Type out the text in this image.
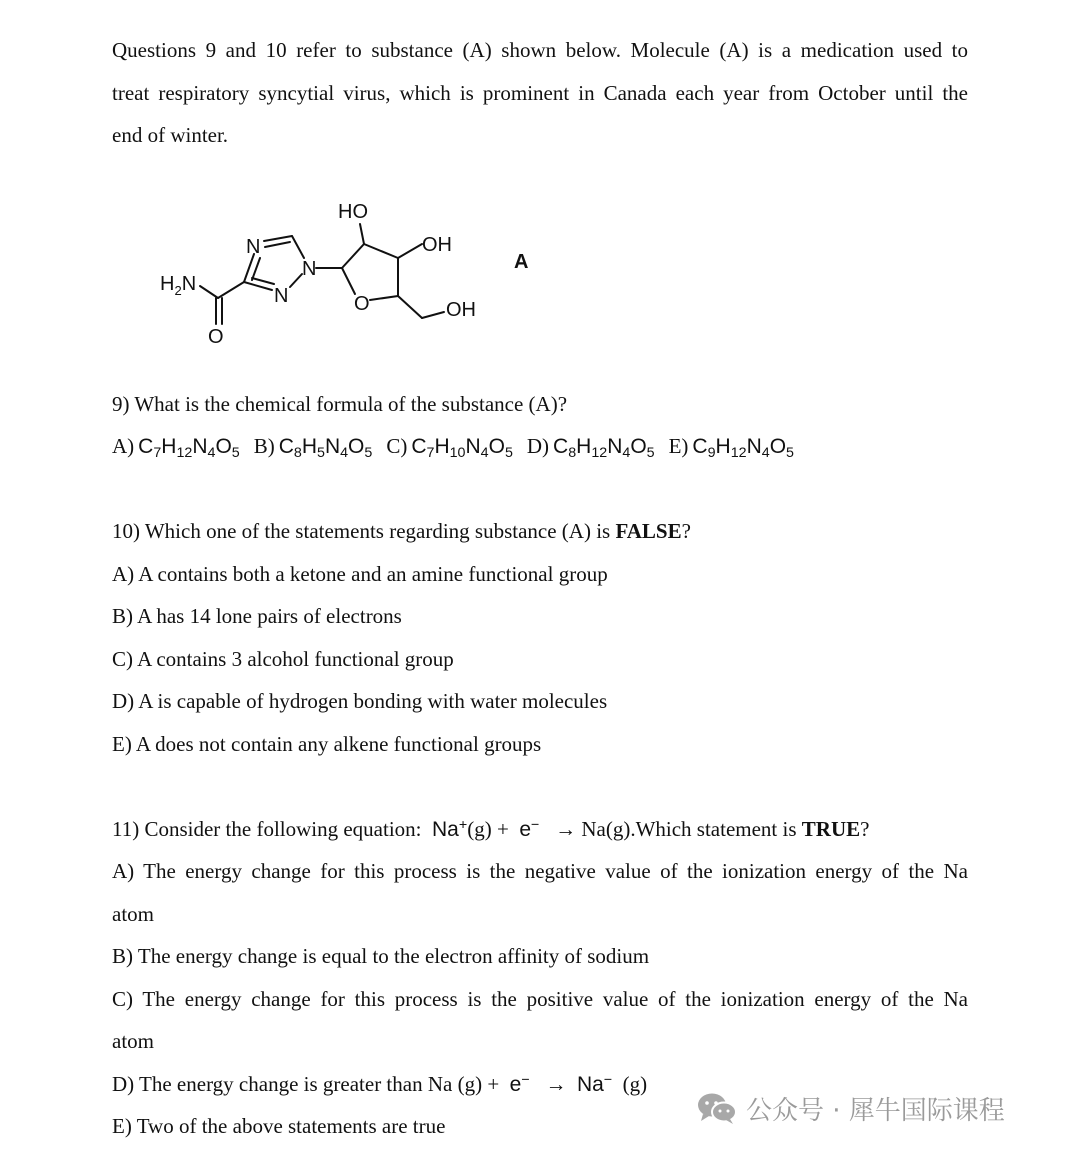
Questions 9 and 10 refer to substance (A) shown below. Molecule (A) is a medication used to
treat respiratory syncytial virus, which is prominent in Canada each year from October until the
end of winter.
HO
OH
OH
O
O
N
N
N
$H_2N$
A
9) What is the chemical formula of the substance (A)?
A) $C_7H_{12}N_4O_5$ B) $C_8H_5N_4O_5$ C) $C_7H_{10}N_4O_5$ D) $C_8H_{12}N_4O_5$ E) $C_9H_{12}N_4O_5$
10) Which one of the statements regarding substance (A) is FALSE?
A) A contains both a ketone and an amine functional group
B) A has 14 lone pairs of electrons
C) A contains 3 alcohol functional group
D) A is capable of hydrogen bonding with water molecules
E) A does not contain any alkene functional groups
11) Consider the following equation: Na+(g) + e− → Na(g).Which statement is TRUE?
A) The energy change for this process is the negative value of the ionization energy of the Na
atom
B) The energy change is equal to the electron affinity of sodium
C) The energy change for this process is the positive value of the ionization energy of the Na
atom
D) The energy change is greater than Na (g) + e− → Na− (g)
E) Two of the above statements are true
公众号 · 犀牛国际课程
